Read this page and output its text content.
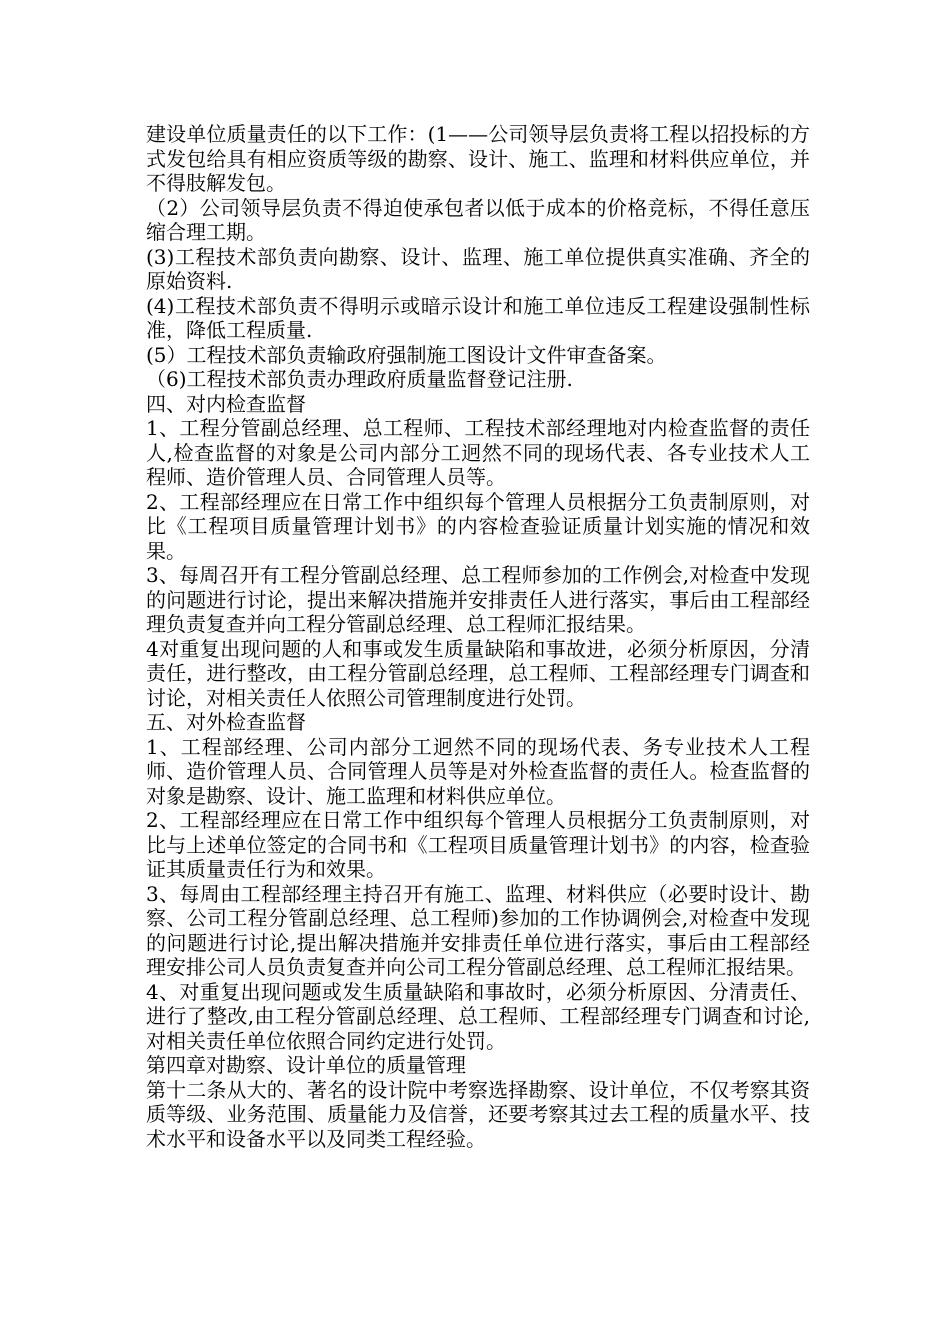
建设单位质量责任的以下工作：(1——公司领导层负责将工程以招投标的方式发包给具有相应资质等级的勘察、设计、施工、监理和材料供应单位，并不得肢解发包。

（2）公司领导层负责不得迫使承包者以低于成本的价格竞标，不得任意压缩合理工期。

(3)工程技术部负责向勘察、设计、监理、施工单位提供真实准确、齐全的原始资料.

(4)工程技术部负责不得明示或暗示设计和施工单位违反工程建设强制性标准，降低工程质量.

(5）工程技术部负责输政府强制施工图设计文件审查备案。

（6)工程技术部负责办理政府质量监督登记注册.

四、对内检查监督

1、工程分管副总经理、总工程师、工程技术部经理地对内检查监督的责任人,检查监督的对象是公司内部分工迥然不同的现场代表、各专业技术人工程师、造价管理人员、合同管理人员等。

2、工程部经理应在日常工作中组织每个管理人员根据分工负责制原则，对比《工程项目质量管理计划书》的内容检查验证质量计划实施的情况和效果。

3、每周召开有工程分管副总经理、总工程师参加的工作例会,对检查中发现的问题进行讨论，提出来解决措施并安排责任人进行落实，事后由工程部经理负责复查并向工程分管副总经理、总工程师汇报结果。

4对重复出现问题的人和事或发生质量缺陷和事故进，必须分析原因，分清责任，进行整改，由工程分管副总经理，总工程师、工程部经理专门调查和讨论，对相关责任人依照公司管理制度进行处罚。

五、对外检查监督

1、工程部经理、公司内部分工迥然不同的现场代表、务专业技术人工程师、造价管理人员、合同管理人员等是对外检查监督的责任人。检查监督的对象是勘察、设计、施工监理和材料供应单位。

2、工程部经理应在日常工作中组织每个管理人员根据分工负责制原则，对比与上述单位签定的合同书和《工程项目质量管理计划书》的内容，检查验证其质量责任行为和效果。

3、每周由工程部经理主持召开有施工、监理、材料供应（必要时设计、勘察、公司工程分管副总经理、总工程师)参加的工作协调例会,对检查中发现的问题进行讨论,提出解决措施并安排责任单位进行落实，事后由工程部经理安排公司人员负责复查并向公司工程分管副总经理、总工程师汇报结果。

4、对重复出现问题或发生质量缺陷和事故时，必须分析原因、分清责任、进行了整改,由工程分管副总经理、总工程师、工程部经理专门调查和讨论,对相关责任单位依照合同约定进行处罚。

第四章对勘察、设计单位的质量管理

第十二条从大的、著名的设计院中考察选择勘察、设计单位，不仅考察其资质等级、业务范围、质量能力及信誉，还要考察其过去工程的质量水平、技术水平和设备水平以及同类工程经验。
